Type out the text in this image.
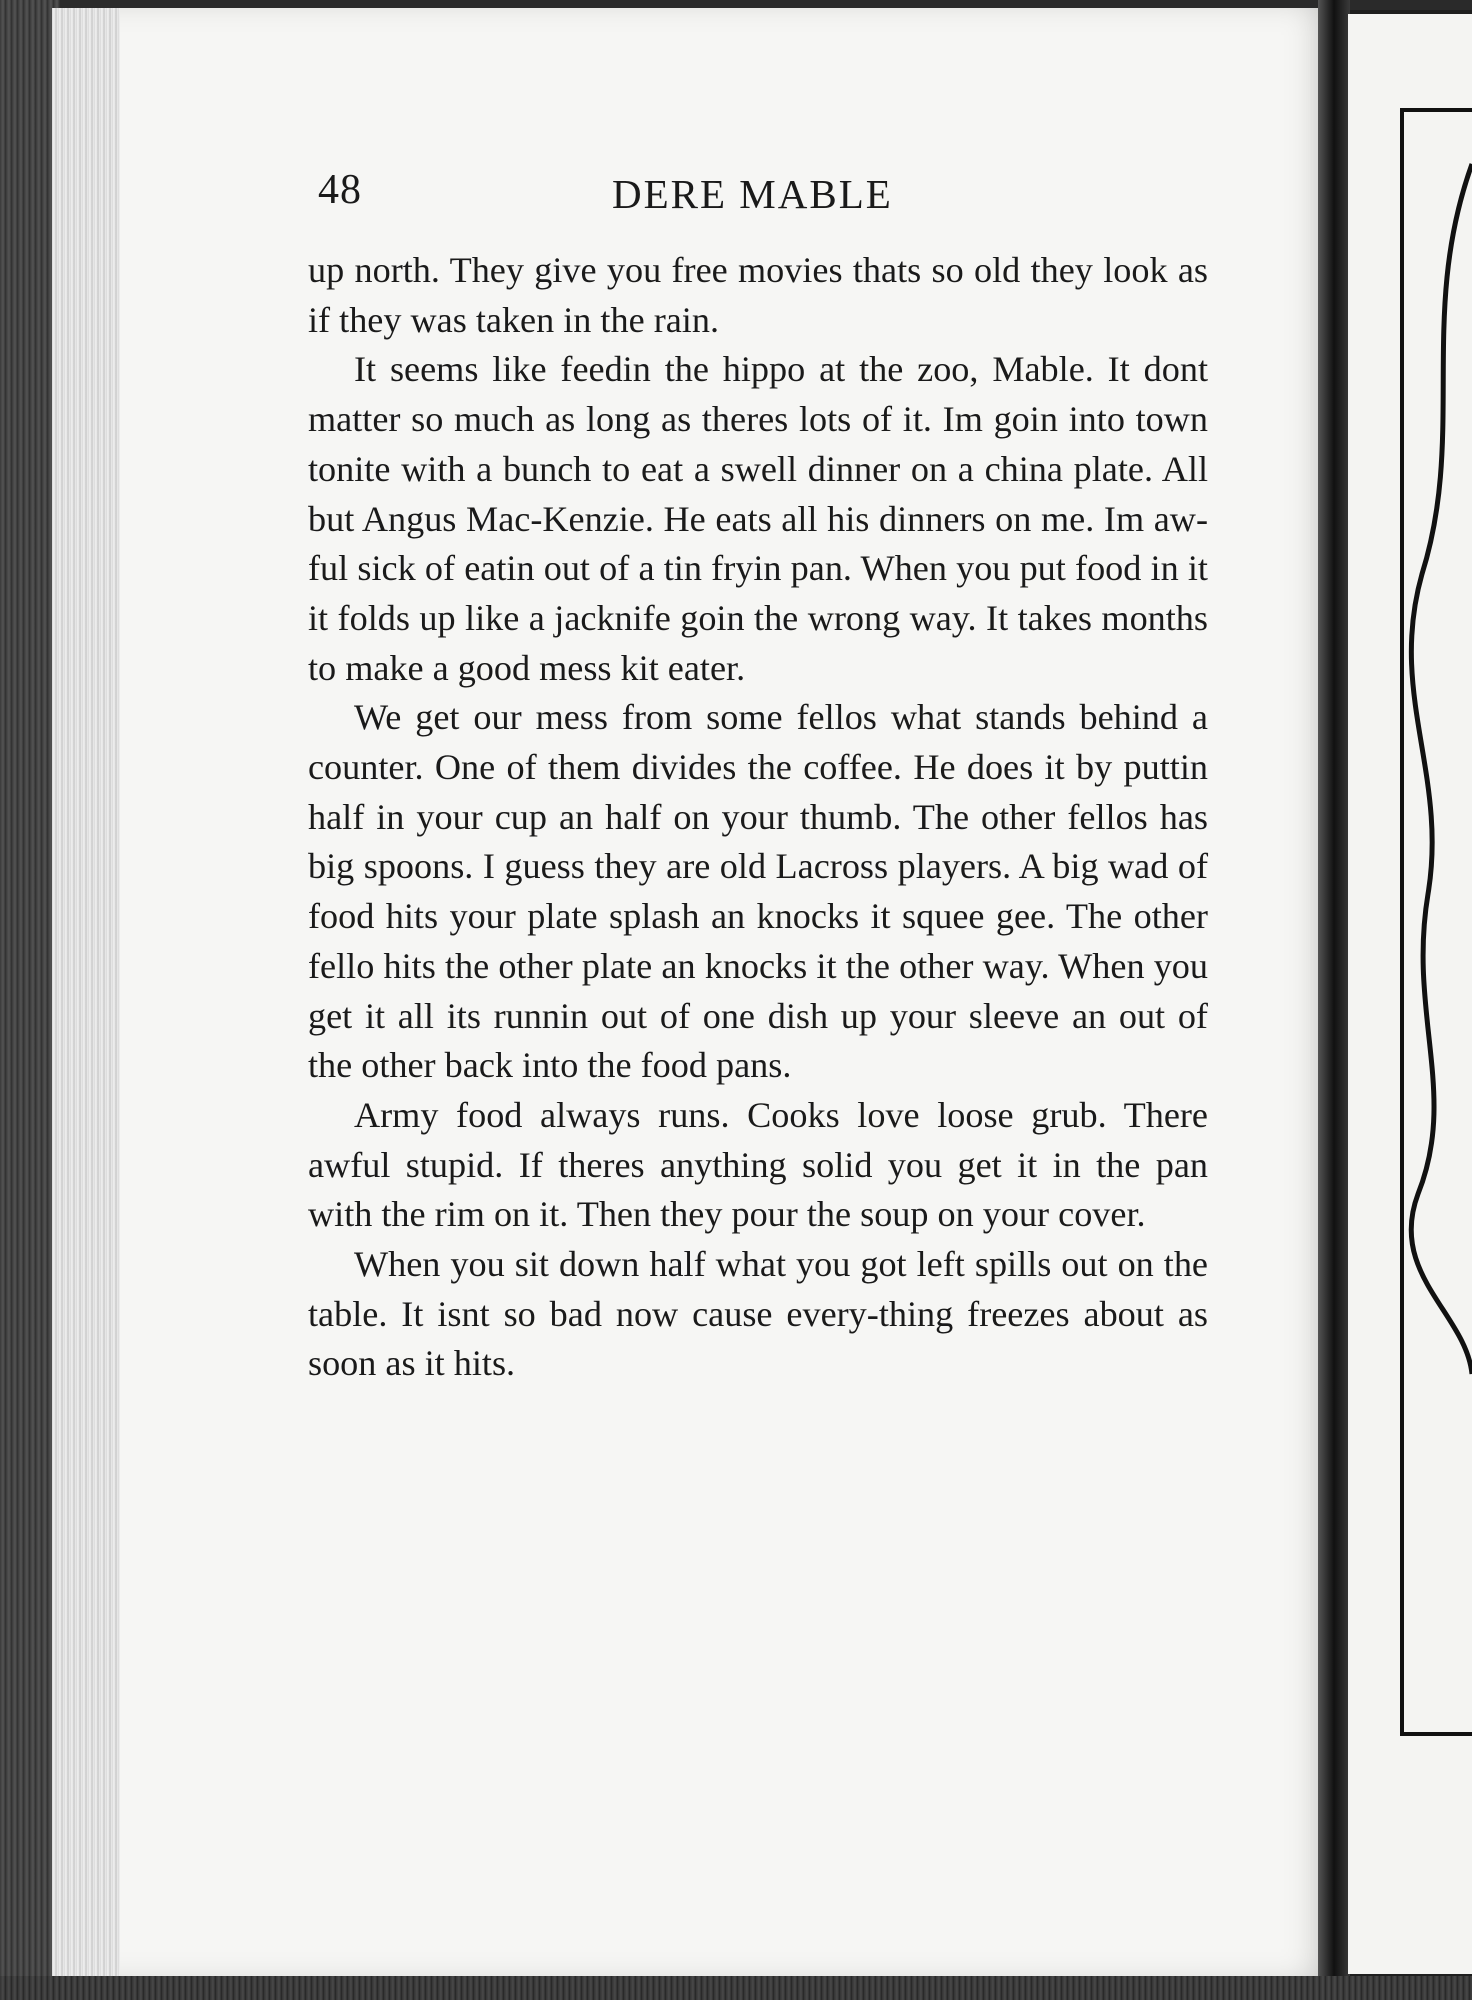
48	DERE MABLE

up north. They give you free movies thats so old they look as if they was taken in the rain.

It seems like feedin the hippo at the zoo, Mable. It dont matter so much as long as theres lots of it. Im goin into town tonite with a bunch to eat a swell dinner on a china plate. All but Angus Mac-Kenzie. He eats all his dinners on me. Im aw-ful sick of eatin out of a tin fryin pan. When you put food in it it folds up like a jacknife goin the wrong way. It takes months to make a good mess kit eater.

We get our mess from some fellos what stands behind a counter. One of them divides the coffee. He does it by puttin half in your cup an half on your thumb. The other fellos has big spoons. I guess they are old Lacross players. A big wad of food hits your plate splash an knocks it squee gee. The other fello hits the other plate an knocks it the other way. When you get it all its runnin out of one dish up your sleeve an out of the other back into the food pans.

Army food always runs. Cooks love loose grub. There awful stupid. If theres anything solid you get it in the pan with the rim on it. Then they pour the soup on your cover.

When you sit down half what you got left spills out on the table. It isnt so bad now cause every-thing freezes about as soon as it hits.
